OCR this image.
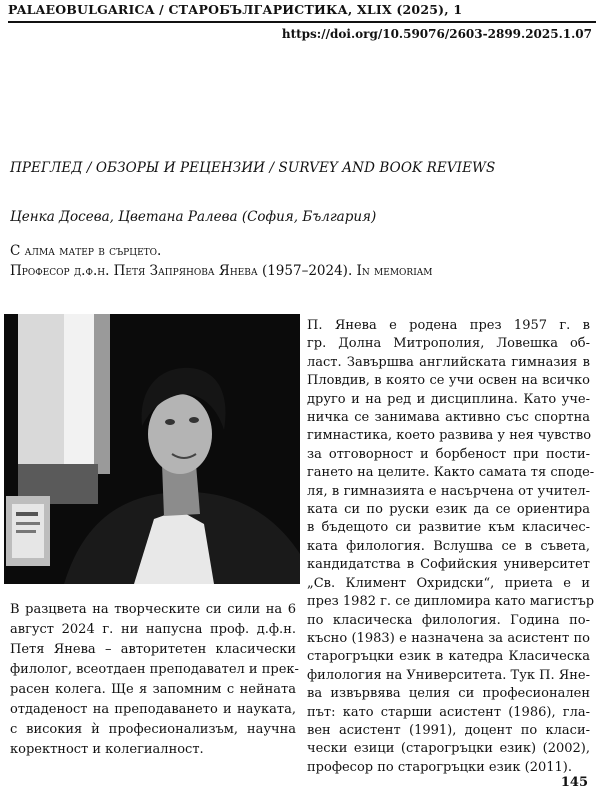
PALAEOBULGARICA / СТАРОБЪЛГАРИСТИКА, XLIX (2025), 1
https://doi.org/10.59076/2603-2899.2025.1.07
ПРЕГЛЕД / ОБЗОРЫ И РЕЦЕНЗИИ / SURVEY AND BOOK REVIEWS
Ценка Досева, Цветана Ралева (София, България)
С алма матер в сърцето.
Професор д.ф.н. Петя Запрянова Янева (1957–2024). In memoriam
П. Янева е родена през 1957 г. в
гр. Долна Митрополия, Ловешка об-
ласт. Завършва английската гимназия в
Пловдив, в която се учи освен на всичко
друго и на ред и дисциплина. Като уче-
ничка се занимава активно със спортна
гимнастика, което развива у нея чувство
за отговорност и борбеност при пости-
гането на целите. Както самата тя споде-
ля, в гимназията е насърчена от учител-
ката си по руски език да се ориентира
в бъдещото си развитие към класичес-
ката филология. Вслушва се в съвета,
кандидатства в Софийския университет
„Св. Климент Охридски“, приета е и
през 1982 г. се дипломира като магистър
по класическа филология. Година по-
късно (1983) е назначена за асистент по
старогръцки език в катедра Класическа
филология на Университета. Тук П. Яне-
ва извървява целия си професионален
път: като старши асистент (1986), гла-
вен асистент (1991), доцент по класи-
чески езици (старогръцки език) (2002),
професор по старогръцки език (2011).
В разцвета на творческите си сили на 6
август 2024 г. ни напусна проф. д.ф.н.
Петя Янева – авторитетен класически
филолог, всеотдаен преподавател и прек-
расен колега. Ще я запомним с нейната
отдаденост на преподаването и науката,
с високия ѝ професионализъм, научна
коректност и колегиалност.
145
